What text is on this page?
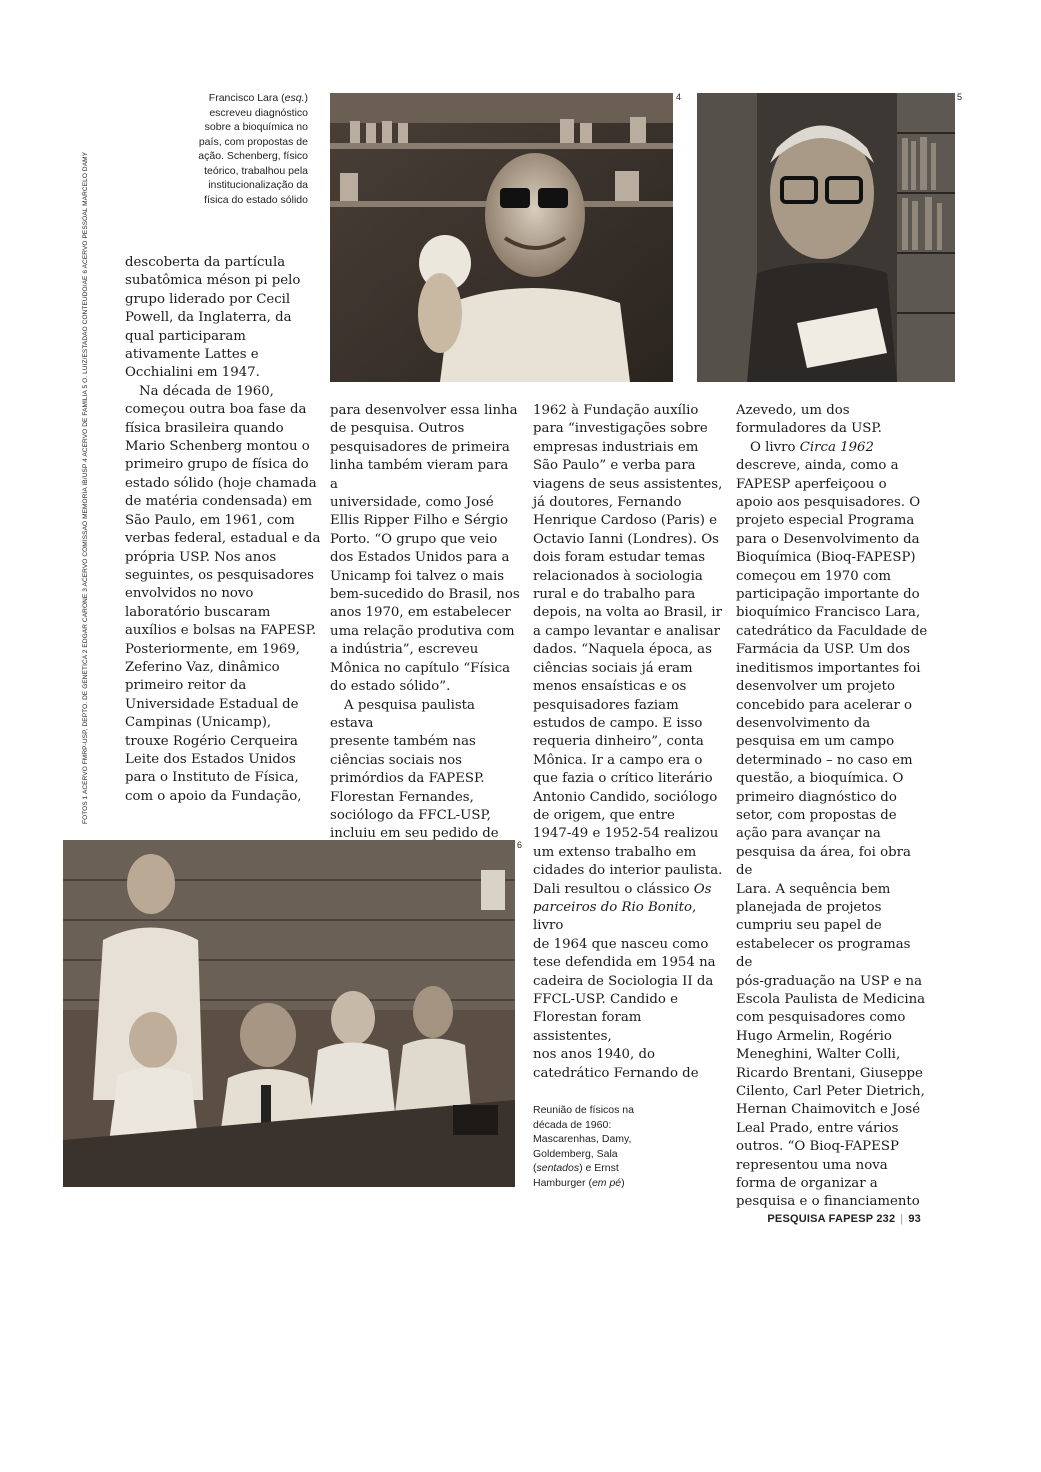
FOTOS 1 ACERVO FMRP-USP, DEPTO. DE GENÉTICA 2 EDGAR CARONE 3 ACERVO COMISSÃO MEMÓRIA IB/USP 4 ACERVO DE FAMÍLIA 5 O. LUIZ/ESTADÃO CONTEÚDO/AE 6 ACERVO PESSOAL MARCELO DAMY
Francisco Lara (esq.)
escreveu diagnóstico
sobre a bioquímica no
país, com propostas de
ação. Schenberg, físico
teórico, trabalhou pela
institucionalização da
física do estado sólido
4	5
6
Reunião de físicos na
década de 1960:
Mascarenhas, Damy,
Goldemberg, Sala
(sentados) e Ernst
Hamburger (em pé)

descoberta da partícula

subatômica méson pi pelo

grupo liderado por Cecil

Powell, da Inglaterra, da

qual participaram

ativamente Lattes e

Occhialini em 1947.

Na década de 1960,

começou outra boa fase da

física brasileira quando

Mario Schenberg montou o

primeiro grupo de física do

estado sólido (hoje chamada

de matéria condensada) em

São Paulo, em 1961, com

verbas federal, estadual e da

própria USP. Nos anos

seguintes, os pesquisadores

envolvidos no novo

laboratório buscaram

auxílios e bolsas na FAPESP.

Posteriormente, em 1969,

Zeferino Vaz, dinâmico

primeiro reitor da

Universidade Estadual de

Campinas (Unicamp),

trouxe Rogério Cerqueira

Leite dos Estados Unidos

para o Instituto de Física,

com o apoio da Fundação,

para desenvolver essa linha

de pesquisa. Outros

pesquisadores de primeira

linha também vieram para a

universidade, como José

Ellis Ripper Filho e Sérgio

Porto. “O grupo que veio

dos Estados Unidos para a

Unicamp foi talvez o mais

bem-sucedido do Brasil, nos

anos 1970, em estabelecer

uma relação produtiva com

a indústria”, escreveu

Mônica no capítulo “Física

do estado sólido”.

A pesquisa paulista estava

presente também nas

ciências sociais nos

primórdios da FAPESP.

Florestan Fernandes,

sociólogo da FFCL-USP,

incluiu em seu pedido de

1962 à Fundação auxílio

para “investigações sobre

empresas industriais em

São Paulo” e verba para

viagens de seus assistentes,

já doutores, Fernando

Henrique Cardoso (Paris) e

Octavio Ianni (Londres). Os

dois foram estudar temas

relacionados à sociologia

rural e do trabalho para

depois, na volta ao Brasil, ir

a campo levantar e analisar

dados. “Naquela época, as

ciências sociais já eram

menos ensaísticas e os

pesquisadores faziam

estudos de campo. E isso

requeria dinheiro”, conta

Mônica. Ir a campo era o

que fazia o crítico literário

Antonio Candido, sociólogo

de origem, que entre

1947-49 e 1952-54 realizou

um extenso trabalho em

cidades do interior paulista.

Dali resultou o clássico Os

parceiros do Rio Bonito, livro

de 1964 que nasceu como

tese defendida em 1954 na

cadeira de Sociologia II da

FFCL-USP. Candido e

Florestan foram assistentes,

nos anos 1940, do

catedrático Fernando de

Azevedo, um dos

formuladores da USP.

O livro Circa 1962

descreve, ainda, como a

FAPESP aperfeiçoou o

apoio aos pesquisadores. O

projeto especial Programa

para o Desenvolvimento da

Bioquímica (Bioq-FAPESP)

começou em 1970 com

participação importante do

bioquímico Francisco Lara,

catedrático da Faculdade de

Farmácia da USP. Um dos

ineditismos importantes foi

desenvolver um projeto

concebido para acelerar o

desenvolvimento da

pesquisa em um campo

determinado – no caso em

questão, a bioquímica. O

primeiro diagnóstico do

setor, com propostas de

ação para avançar na

pesquisa da área, foi obra de

Lara. A sequência bem

planejada de projetos

cumpriu seu papel de

estabelecer os programas de

pós-graduação na USP e na

Escola Paulista de Medicina

com pesquisadores como

Hugo Armelin, Rogério

Meneghini, Walter Colli,

Ricardo Brentani, Giuseppe

Cilento, Carl Peter Dietrich,

Hernan Chaimovitch e José

Leal Prado, entre vários

outros. “O Bioq-FAPESP

representou uma nova

forma de organizar a

pesquisa e o financiamento

PESQUISA FAPESP 232 | 93
